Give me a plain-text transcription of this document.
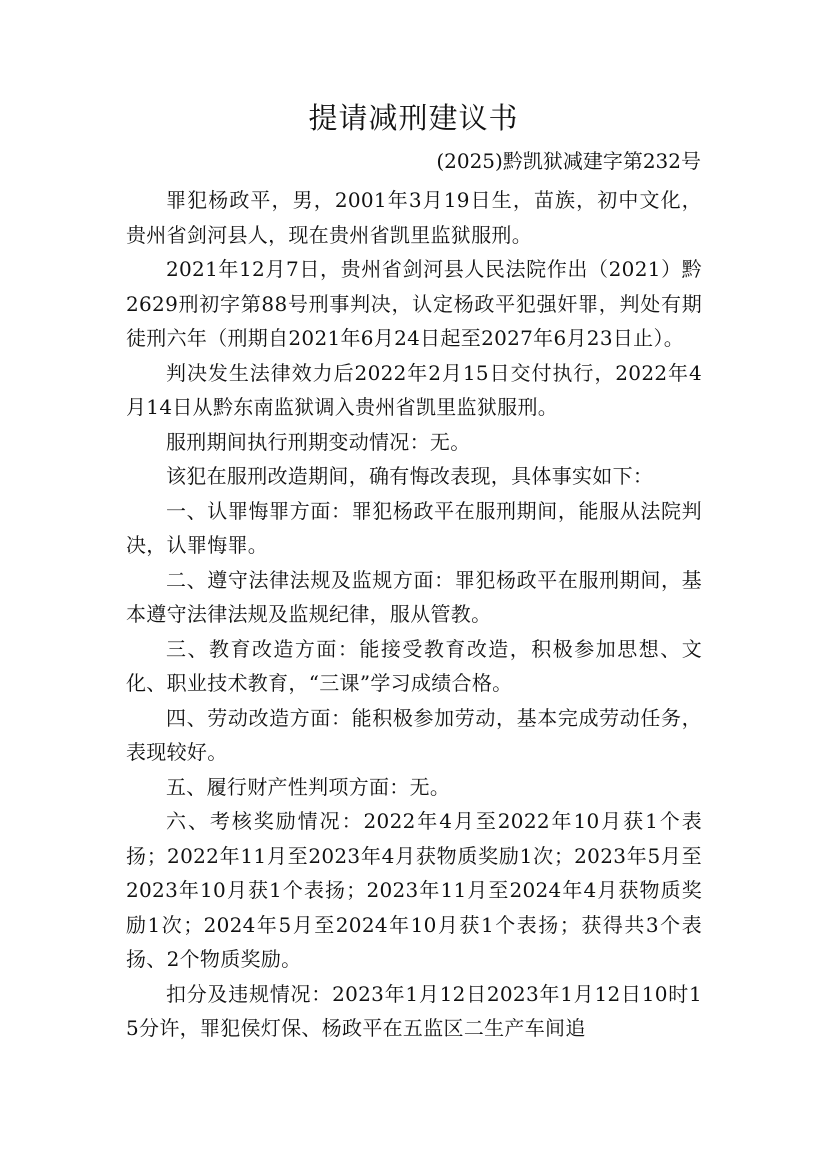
提请减刑建议书
(2025)黔凯狱减建字第232号

罪犯杨政平，男，2001年3月19日生，苗族，初中文化，贵州省剑河县人，现在贵州省凯里监狱服刑。

2021年12月7日，贵州省剑河县人民法院作出（2021）黔2629刑初字第88号刑事判决，认定杨政平犯强奸罪，判处有期徒刑六年（刑期自2021年6月24日起至2027年6月23日止）。

判决发生法律效力后2022年2月15日交付执行，2022年4月14日从黔东南监狱调入贵州省凯里监狱服刑。

服刑期间执行刑期变动情况：无。

该犯在服刑改造期间，确有悔改表现，具体事实如下：

一、认罪悔罪方面：罪犯杨政平在服刑期间，能服从法院判决，认罪悔罪。

二、遵守法律法规及监规方面：罪犯杨政平在服刑期间，基本遵守法律法规及监规纪律，服从管教。

三、教育改造方面：能接受教育改造，积极参加思想、文化、职业技术教育，“三课”学习成绩合格。

四、劳动改造方面：能积极参加劳动，基本完成劳动任务，表现较好。

五、履行财产性判项方面：无。

六、考核奖励情况：2022年4月至2022年10月获1个表扬；2022年11月至2023年4月获物质奖励1次；2023年5月至2023年10月获1个表扬；2023年11月至2024年4月获物质奖励1次；2024年5月至2024年10月获1个表扬；获得共3个表扬、2个物质奖励。

扣分及违规情况：2023年1月12日2023年1月12日10时15分许，罪犯侯灯保、杨政平在五监区二生产车间追
